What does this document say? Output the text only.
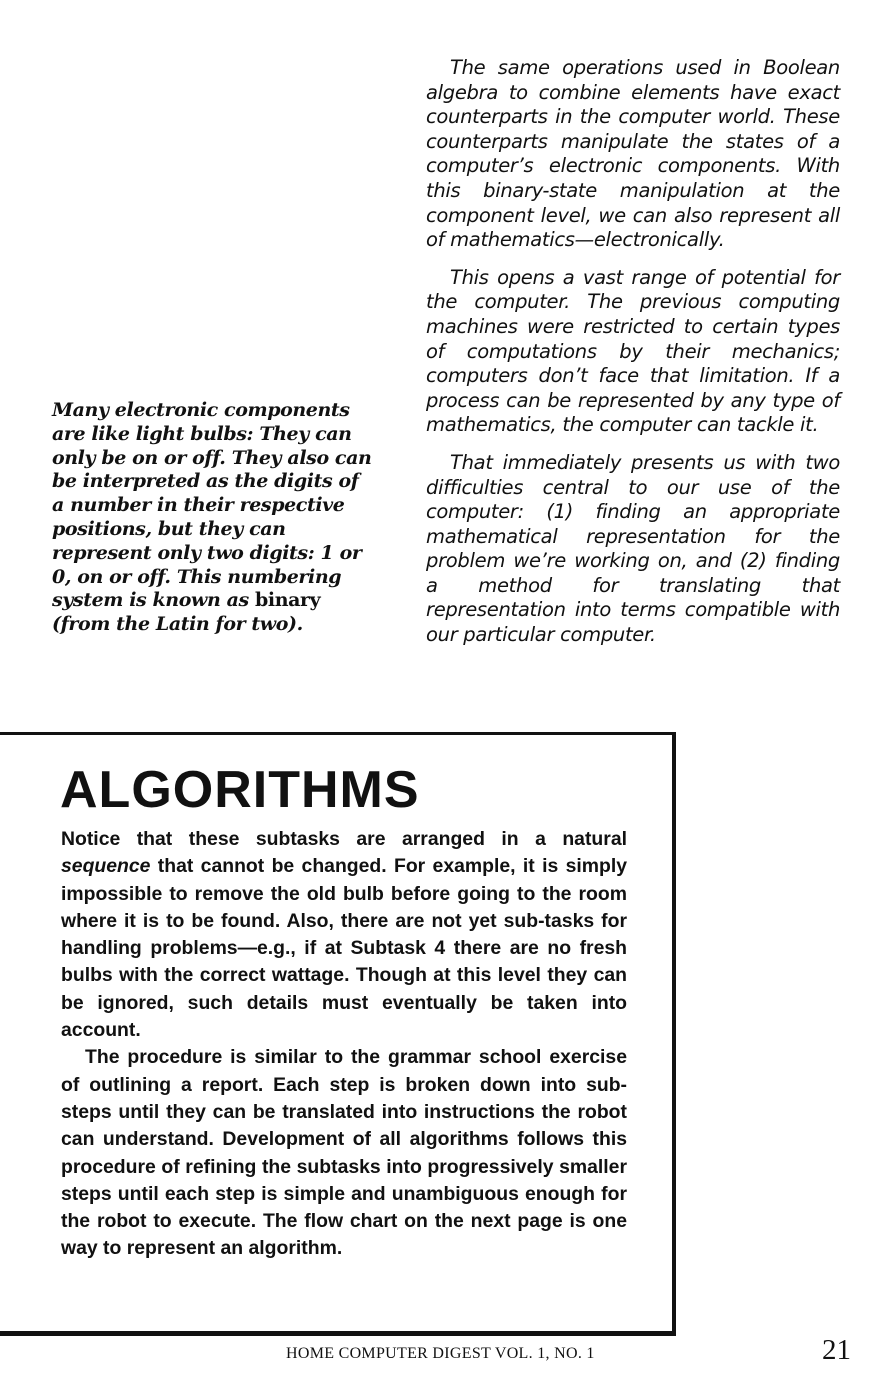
The same operations used in Boolean algebra to combine elements have exact counterparts in the computer world. These counterparts manipulate the states of a computer’s electronic components. With this binary-state manipulation at the component level, we can also represent all of mathematics—electronically.

This opens a vast range of potential for the computer. The previous computing machines were restricted to certain types of computations by their mechanics; computers don’t face that limitation. If a process can be represented by any type of mathematics, the computer can tackle it.

That immediately presents us with two difficulties central to our use of the computer: (1) finding an appropriate mathematical representation for the problem we’re working on, and (2) finding a method for translating that representation into terms compatible with our particular computer.

Many electronic components are like light bulbs: They can only be on or off. They also can be interpreted as the digits of a number in their respective positions, but they can represent only two digits: 1 or 0, on or off. This numbering system is known as binary (from the Latin for two).
ALGORITHMS

Notice that these subtasks are arranged in a natural sequence that cannot be changed. For example, it is simply impossible to remove the old bulb before going to the room where it is to be found. Also, there are not yet sub-tasks for handling problems—e.g., if at Subtask 4 there are no fresh bulbs with the correct wattage. Though at this level they can be ignored, such details must eventually be taken into account.

The procedure is similar to the grammar school exercise of outlining a report. Each step is broken down into sub-steps until they can be translated into instructions the robot can understand. Development of all algorithms follows this procedure of refining the subtasks into progressively smaller steps until each step is simple and unambiguous enough for the robot to execute. The flow chart on the next page is one way to represent an algorithm.

HOME COMPUTER DIGEST VOL. 1, NO. 1	21
